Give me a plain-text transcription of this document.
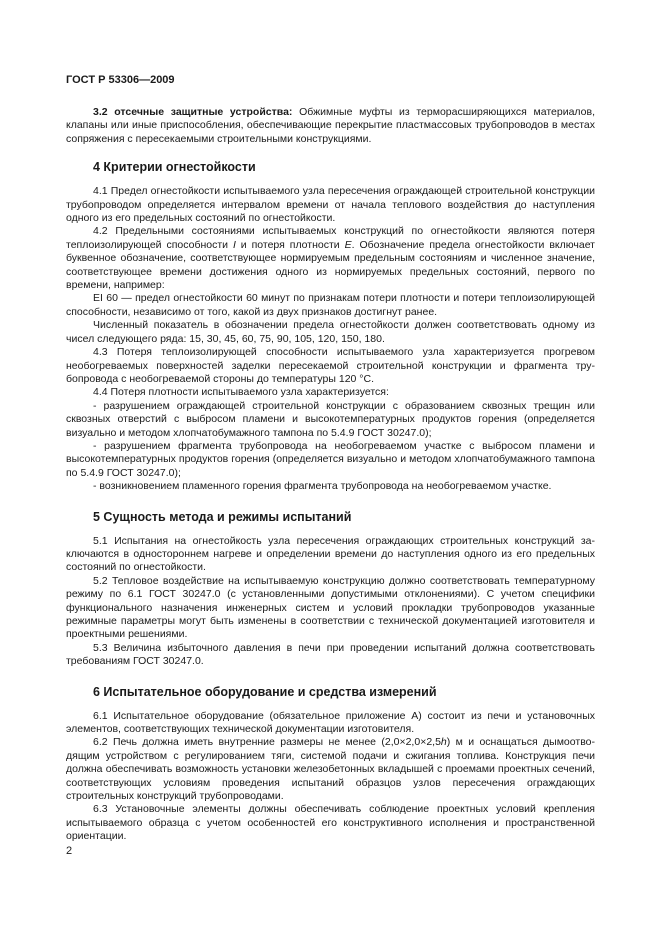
ГОСТ Р 53306—2009

3.2 отсечные защитные устройства: Обжимные муфты из терморасширяющихся материалов, клапаны или иные приспособления, обеспечивающие перекрытие пластмассовых трубопроводов в местах сопряжения с пересекаемыми строительными конструкциями.

4 Критерии огнестойкости

4.1 Предел огнестойкости испытываемого узла пересечения ограждающей строительной конструкции трубопроводом определяется интервалом времени от начала теплового воздействия до наступления одного из его предельных состояний по огнестойкости.

4.2 Предельными состояниями испытываемых конструкций по огнестойкости являются потеря теплоизолирующей способности I и потеря плотности E. Обозначение предела огнестойкости включает буквенное обозначение, соответствующее нормируемым предельным состояниям и численное значение, соответствующее времени достижения одного из нормируемых предельных состояний, первого по времени, например:

EI 60 — предел огнестойкости 60 минут по признакам потери плотности и потери теплоизолирующей способности, независимо от того, какой из двух признаков достигнут ранее.

Численный показатель в обозначении предела огнестойкости должен соответствовать одному из чисел следующего ряда: 15, 30, 45, 60, 75, 90, 105, 120, 150, 180.

4.3 Потеря теплоизолирующей способности испытываемого узла характеризуется прогревом необогреваемых поверхностей заделки пересекаемой строительной конструкции и фрагмента трубопровода с необогреваемой стороны до температуры 120 °С.

4.4 Потеря плотности испытываемого узла характеризуется:

- разрушением ограждающей строительной конструкции с образованием сквозных трещин или сквозных отверстий с выбросом пламени и высокотемпературных продуктов горения (определяется визуально и методом хлопчатобумажного тампона по 5.4.9 ГОСТ 30247.0);

- разрушением фрагмента трубопровода на необогреваемом участке с выбросом пламени и высокотемпературных продуктов горения (определяется визуально и методом хлопчатобумажного тампона по 5.4.9 ГОСТ 30247.0);

- возникновением пламенного горения фрагмента трубопровода на необогреваемом участке.

5 Сущность метода и режимы испытаний

5.1 Испытания на огнестойкость узла пересечения ограждающих строительных конструкций заключаются в одностороннем нагреве и определении времени до наступления одного из его предельных состояний по огнестойкости.

5.2 Тепловое воздействие на испытываемую конструкцию должно соответствовать температурному режиму по 6.1 ГОСТ 30247.0 (с установленными допустимыми отклонениями). С учетом специфики функционального назначения инженерных систем и условий прокладки трубопроводов указанные режимные параметры могут быть изменены в соответствии с технической документацией изготовителя и проектными решениями.

5.3 Величина избыточного давления в печи при проведении испытаний должна соответствовать требованиям ГОСТ 30247.0.

6 Испытательное оборудование и средства измерений

6.1 Испытательное оборудование (обязательное приложение А) состоит из печи и установочных элементов, соответствующих технической документации изготовителя.

6.2 Печь должна иметь внутренние размеры не менее (2,0×2,0×2,5h) м и оснащаться дымоотводящим устройством с регулированием тяги, системой подачи и сжигания топлива. Конструкция печи должна обеспечивать возможность установки железобетонных вкладышей с проемами проектных сечений, соответствующих условиям проведения испытаний образцов узлов пересечения ограждающих строительных конструкций трубопроводами.

6.3 Установочные элементы должны обеспечивать соблюдение проектных условий крепления испытываемого образца с учетом особенностей его конструктивного исполнения и пространственной ориентации.

2
